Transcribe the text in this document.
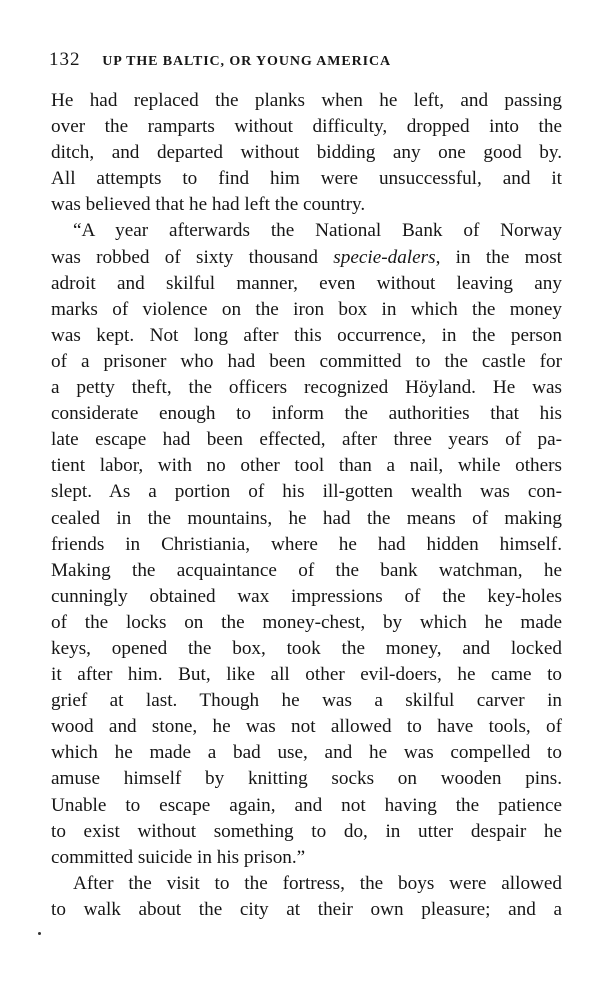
132 UP THE BALTIC, OR YOUNG AMERICA
He had replaced the planks when he left, and passing
over the ramparts without difficulty, dropped into the
ditch, and departed without bidding any one good by.
All attempts to find him were unsuccessful, and it
was believed that he had left the country.
“A year afterwards the National Bank of Norway
was robbed of sixty thousand specie-dalers, in the most
adroit and skilful manner, even without leaving any
marks of violence on the iron box in which the money
was kept. Not long after this occurrence, in the person
of a prisoner who had been committed to the castle for
a petty theft, the officers recognized Höyland. He was
considerate enough to inform the authorities that his
late escape had been effected, after three years of pa-
tient labor, with no other tool than a nail, while others
slept. As a portion of his ill-gotten wealth was con-
cealed in the mountains, he had the means of making
friends in Christiania, where he had hidden himself.
Making the acquaintance of the bank watchman, he
cunningly obtained wax impressions of the key-holes
of the locks on the money-chest, by which he made
keys, opened the box, took the money, and locked
it after him. But, like all other evil-doers, he came to
grief at last. Though he was a skilful carver in
wood and stone, he was not allowed to have tools, of
which he made a bad use, and he was compelled to
amuse himself by knitting socks on wooden pins.
Unable to escape again, and not having the patience
to exist without something to do, in utter despair he
committed suicide in his prison.”
After the visit to the fortress, the boys were allowed
to walk about the city at their own pleasure; and a
